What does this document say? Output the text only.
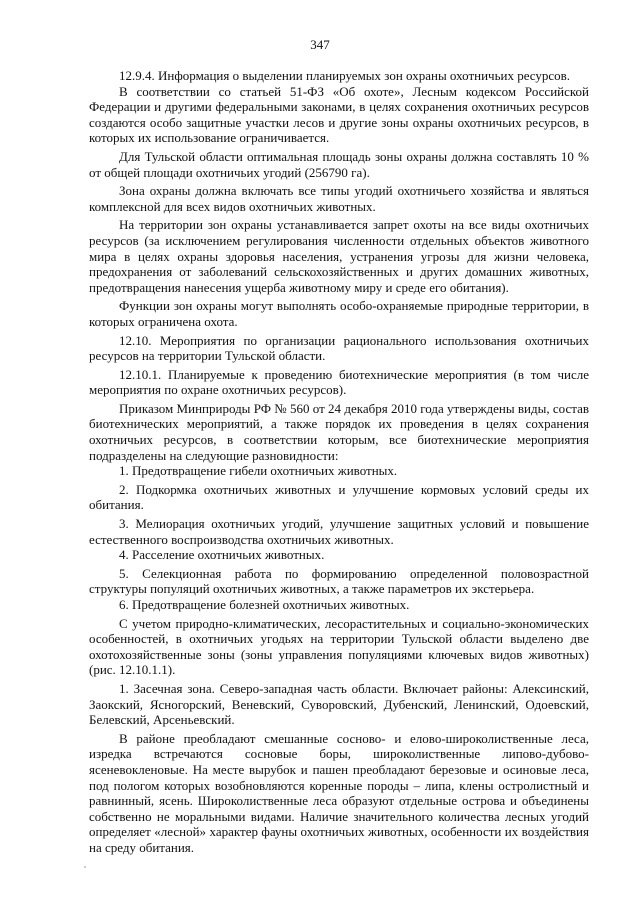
347

12.9.4. Информация о выделении планируемых зон охраны охотничьих ресурсов.

В соответствии со статьей 51-ФЗ «Об охоте», Лесным кодексом Российской Федерации и другими федеральными законами, в целях сохранения охотничьих ресурсов создаются особо защитные участки лесов и другие зоны охраны охотничьих ресурсов, в которых их использование ограничивается.

Для Тульской области оптимальная площадь зоны охраны должна составлять 10 % от общей площади охотничьих угодий (256790 га).

Зона охраны должна включать все типы угодий охотничьего хозяйства и являться комплексной для всех видов охотничьих животных.

На территории зон охраны устанавливается запрет охоты на все виды охотничьих ресурсов (за исключением регулирования численности отдельных объектов животного мира в целях охраны здоровья населения, устранения угрозы для жизни человека, предохранения от заболеваний сельскохозяйственных и других домашних животных, предотвращения нанесения ущерба животному миру и среде его обитания).

Функции зон охраны могут выполнять особо-охраняемые природные территории, в которых ограничена охота.

12.10. Мероприятия по организации рационального использования охотничьих ресурсов на территории Тульской области.

12.10.1. Планируемые к проведению биотехнические мероприятия (в том числе мероприятия по охране охотничьих ресурсов).

Приказом Минприроды РФ № 560 от 24 декабря 2010 года утверждены виды, состав биотехнических мероприятий, а также порядок их проведения в целях сохранения охотничьих ресурсов, в соответствии которым, все биотехнические мероприятия подразделены на следующие разновидности:

1. Предотвращение гибели охотничьих животных.

2. Подкормка охотничьих животных и улучшение кормовых условий среды их обитания.

3. Мелиорация охотничьих угодий, улучшение защитных условий и повышение естественного воспроизводства охотничьих животных.

4. Расселение охотничьих животных.

5. Селекционная работа по формированию определенной половозрастной структуры популяций охотничьих животных, а также параметров их экстерьера.

6. Предотвращение болезней охотничьих животных.

С учетом природно-климатических, лесорастительных и социально-экономических особенностей, в охотничьих угодьях на территории Тульской области выделено две охотохозяйственные зоны (зоны управления популяциями ключевых видов животных) (рис. 12.10.1.1).

1. Засечная зона. Северо-западная часть области. Включает районы: Алексинский, Заокский, Ясногорский, Веневский, Суворовский, Дубенский, Ленинский, Одоевский, Белевский, Арсеньевский.

В районе преобладают смешанные сосново- и елово-широколиственные леса, изредка встречаются сосновые боры, широколиственные липово-дубово-ясеневокленовые. На месте вырубок и пашен преобладают березовые и осиновые леса, под пологом которых возобновляются коренные породы – липа, клены остролистный и равнинный, ясень. Широколиственные леса образуют отдельные острова и объединены собственно не моральными видами. Наличие значительного количества лесных угодий определяет «лесной» характер фауны охотничьих животных, особенности их воздействия на среду обитания.
